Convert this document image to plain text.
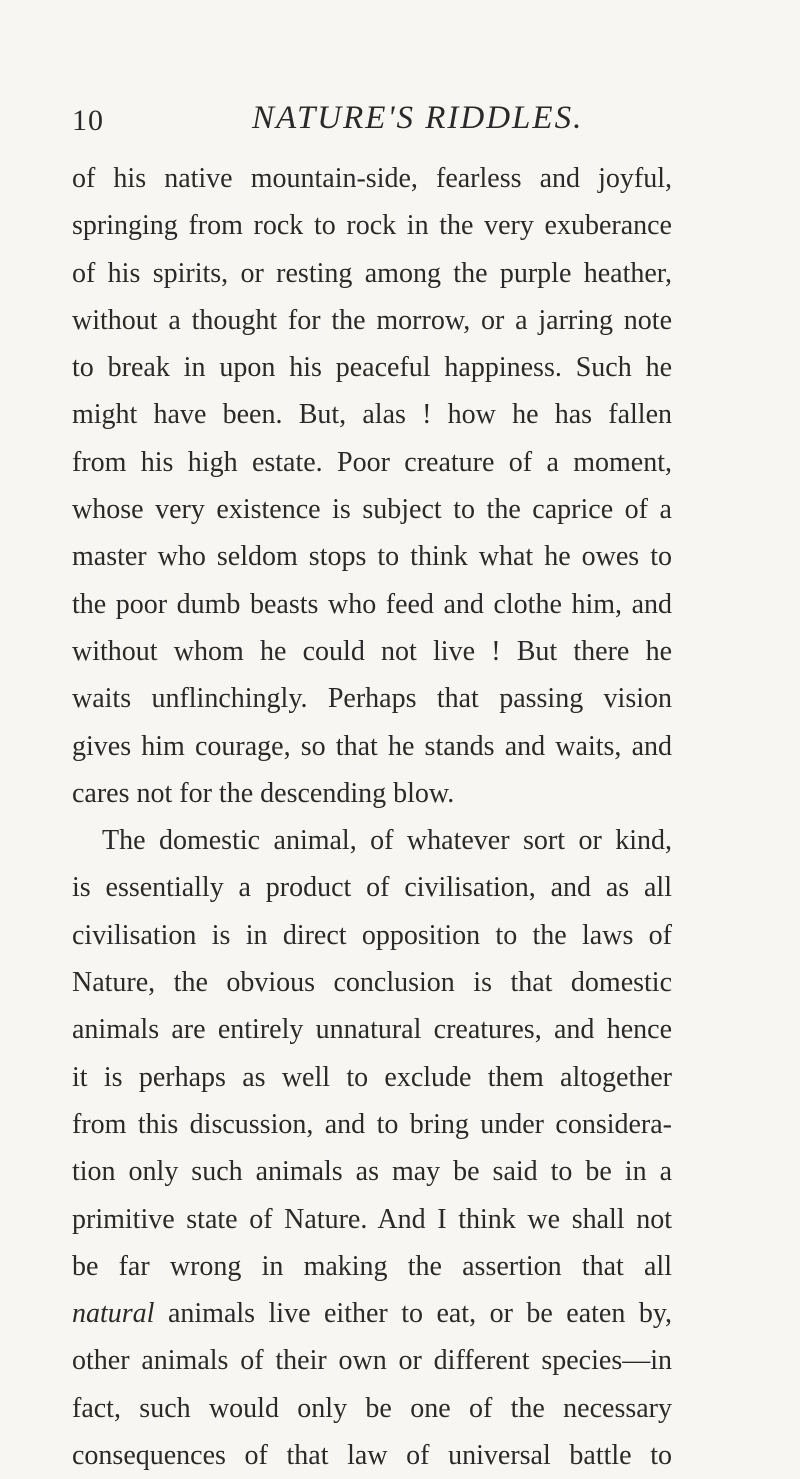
10	NATURE'S RIDDLES.
of his native mountain-side, fearless and joyful,
springing from rock to rock in the very exuberance
of his spirits, or resting among the purple heather,
without a thought for the morrow, or a jarring note
to break in upon his peaceful happiness. Such he
might have been. But, alas ! how he has fallen
from his high estate. Poor creature of a moment,
whose very existence is subject to the caprice of a
master who seldom stops to think what he owes to
the poor dumb beasts who feed and clothe him, and
without whom he could not live ! But there he
waits unflinchingly. Perhaps that passing vision
gives him courage, so that he stands and waits, and
cares not for the descending blow.
The domestic animal, of whatever sort or kind,
is essentially a product of civilisation, and as all
civilisation is in direct opposition to the laws of
Nature, the obvious conclusion is that domestic
animals are entirely unnatural creatures, and hence
it is perhaps as well to exclude them altogether
from this discussion, and to bring under considera-
tion only such animals as may be said to be in a
primitive state of Nature. And I think we shall not
be far wrong in making the assertion that all
natural animals live either to eat, or be eaten by,
other animals of their own or different species—in
fact, such would only be one of the necessary
consequences of that law of universal battle to
